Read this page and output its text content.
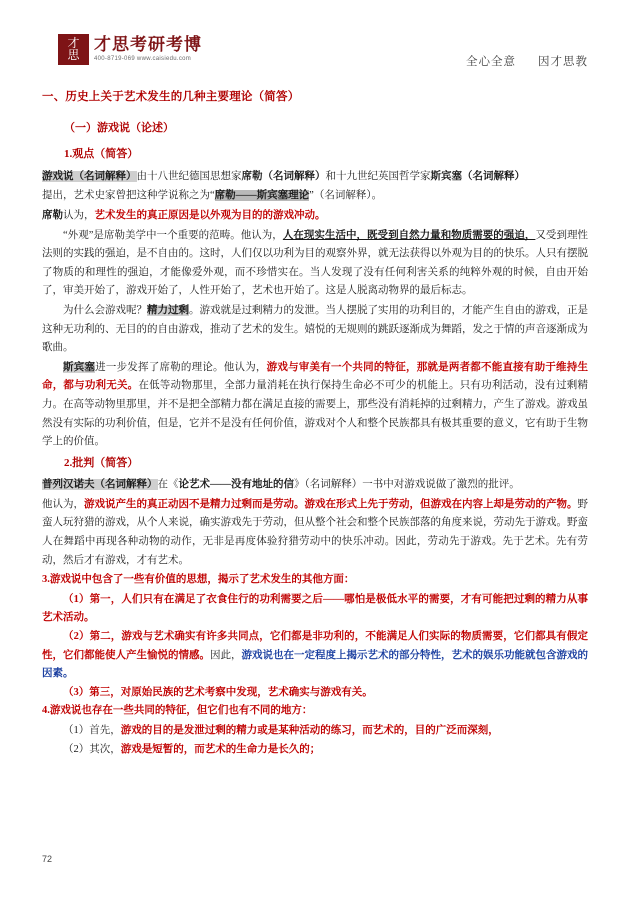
才
思
才思考研考博
400-8719-069 www.caisiedu.com	全心全意 因才思教
一、历史上关于艺术发生的几种主要理论（简答）
（一）游戏说（论述）
1.观点（简答）

游戏说（名词解释）由十八世纪德国思想家席勒（名词解释）和十九世纪英国哲学家斯宾塞（名词解释）

提出，艺术史家曾把这种学说称之为“席勒——斯宾塞理论”（名词解释）。

席勒认为，艺术发生的真正原因是以外观为目的的游戏冲动。

“外观”是席勒美学中一个重要的范畴。他认为，人在现实生活中，既受到自然力量和物质需要的强迫，又受到理性法则的实践的强迫，是不自由的。这时，人们仅以功利为目的观察外界，就无法获得以外观为目的的快乐。人只有摆脱了物质的和理性的强迫，才能像爱外观，而不珍惜实在。当人发现了没有任何利害关系的纯粹外观的时候，自由开始了，审美开始了，游戏开始了，人性开始了，艺术也开始了。这是人脱离动物界的最后标志。

为什么会游戏呢？精力过剩。游戏就是过剩精力的发泄。当人摆脱了实用的功利目的，才能产生自由的游戏，正是这种无功利的、无目的的自由游戏，推动了艺术的发生。嬉悦的无规则的跳跃逐渐成为舞蹈，发之于情的声音逐渐成为歌曲。

斯宾塞进一步发挥了席勒的理论。他认为，游戏与审美有一个共同的特征，那就是两者都不能直接有助于维持生命，都与功利无关。在低等动物那里，全部力量消耗在执行保持生命必不可少的机能上。只有功利活动，没有过剩精力。在高等动物里那里，并不是把全部精力都在满足直接的需要上，那些没有消耗掉的过剩精力，产生了游戏。游戏虽然没有实际的功利价值，但是，它并不是没有任何价值，游戏对个人和整个民族都具有极其重要的意义，它有助于生物学上的价值。

2.批判（简答）

普列汉诺夫（名词解释）在《论艺术——没有地址的信》（名词解释）一书中对游戏说做了激烈的批评。

他认为，游戏说产生的真正动因不是精力过剩而是劳动。游戏在形式上先于劳动，但游戏在内容上却是劳动的产物。野蛮人玩狩猎的游戏，从个人来说，确实游戏先于劳动，但从整个社会和整个民族部落的角度来说，劳动先于游戏。野蛮人在舞蹈中再现各种动物的动作，无非是再度体验狩猎劳动中的快乐冲动。因此，劳动先于游戏。先于艺术。先有劳动，然后才有游戏，才有艺术。

3.游戏说中包含了一些有价值的思想，揭示了艺术发生的其他方面：

（1）第一，人们只有在满足了衣食住行的功利需要之后——哪怕是极低水平的需要，才有可能把过剩的精力从事艺术活动。

（2）第二，游戏与艺术确实有许多共同点，它们都是非功利的，不能满足人们实际的物质需要，它们都具有假定性，它们都能使人产生愉悦的情感。因此，游戏说也在一定程度上揭示艺术的部分特性，艺术的娱乐功能就包含游戏的因素。

（3）第三，对原始民族的艺术考察中发现，艺术确实与游戏有关。

4.游戏说也存在一些共同的特征，但它们也有不同的地方：

（1）首先，游戏的目的是发泄过剩的精力或是某种活动的练习，而艺术的，目的广泛而深刻，

（2）其次，游戏是短暂的，而艺术的生命力是长久的；

72
